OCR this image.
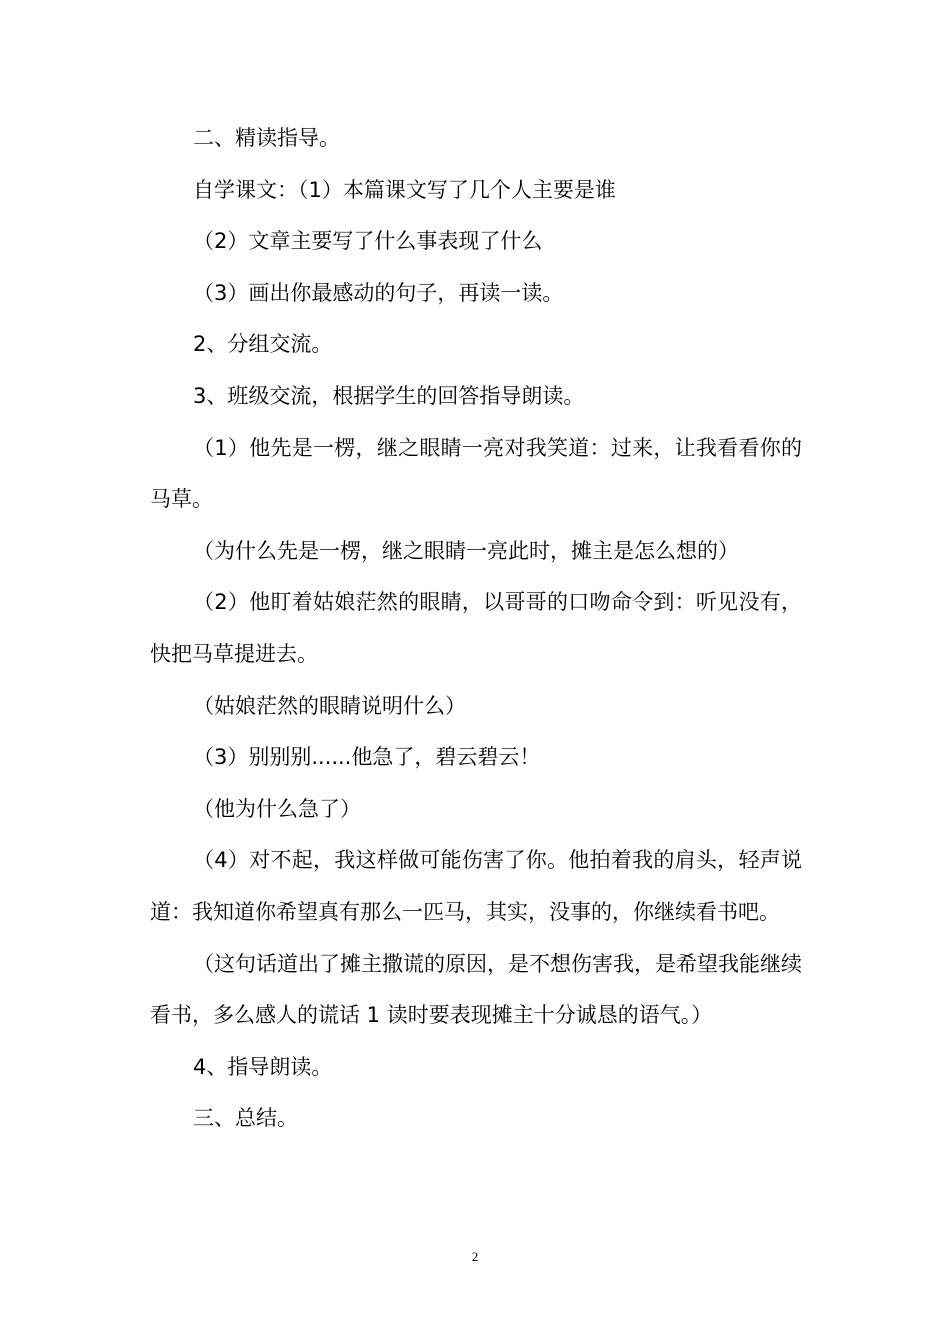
二、精读指导。

自学课文：（1）本篇课文写了几个人主要是谁

（2）文章主要写了什么事表现了什么

（3）画出你最感动的句子，再读一读。

2、分组交流。

3、班级交流，根据学生的回答指导朗读。

（1）他先是一楞，继之眼睛一亮对我笑道：过来，让我看看你的马草。

（为什么先是一楞，继之眼睛一亮此时，摊主是怎么想的）

（2）他盯着姑娘茫然的眼睛，以哥哥的口吻命令到：听见没有，快把马草提进去。

（姑娘茫然的眼睛说明什么）

（3）别别别......他急了，碧云碧云！

（他为什么急了）

（4）对不起，我这样做可能伤害了你。他拍着我的肩头，轻声说道：我知道你希望真有那么一匹马，其实，没事的，你继续看书吧。

（这句话道出了摊主撒谎的原因，是不想伤害我，是希望我能继续看书，多么感人的谎话 1 读时要表现摊主十分诚恳的语气。）

4、指导朗读。

三、总结。

2
